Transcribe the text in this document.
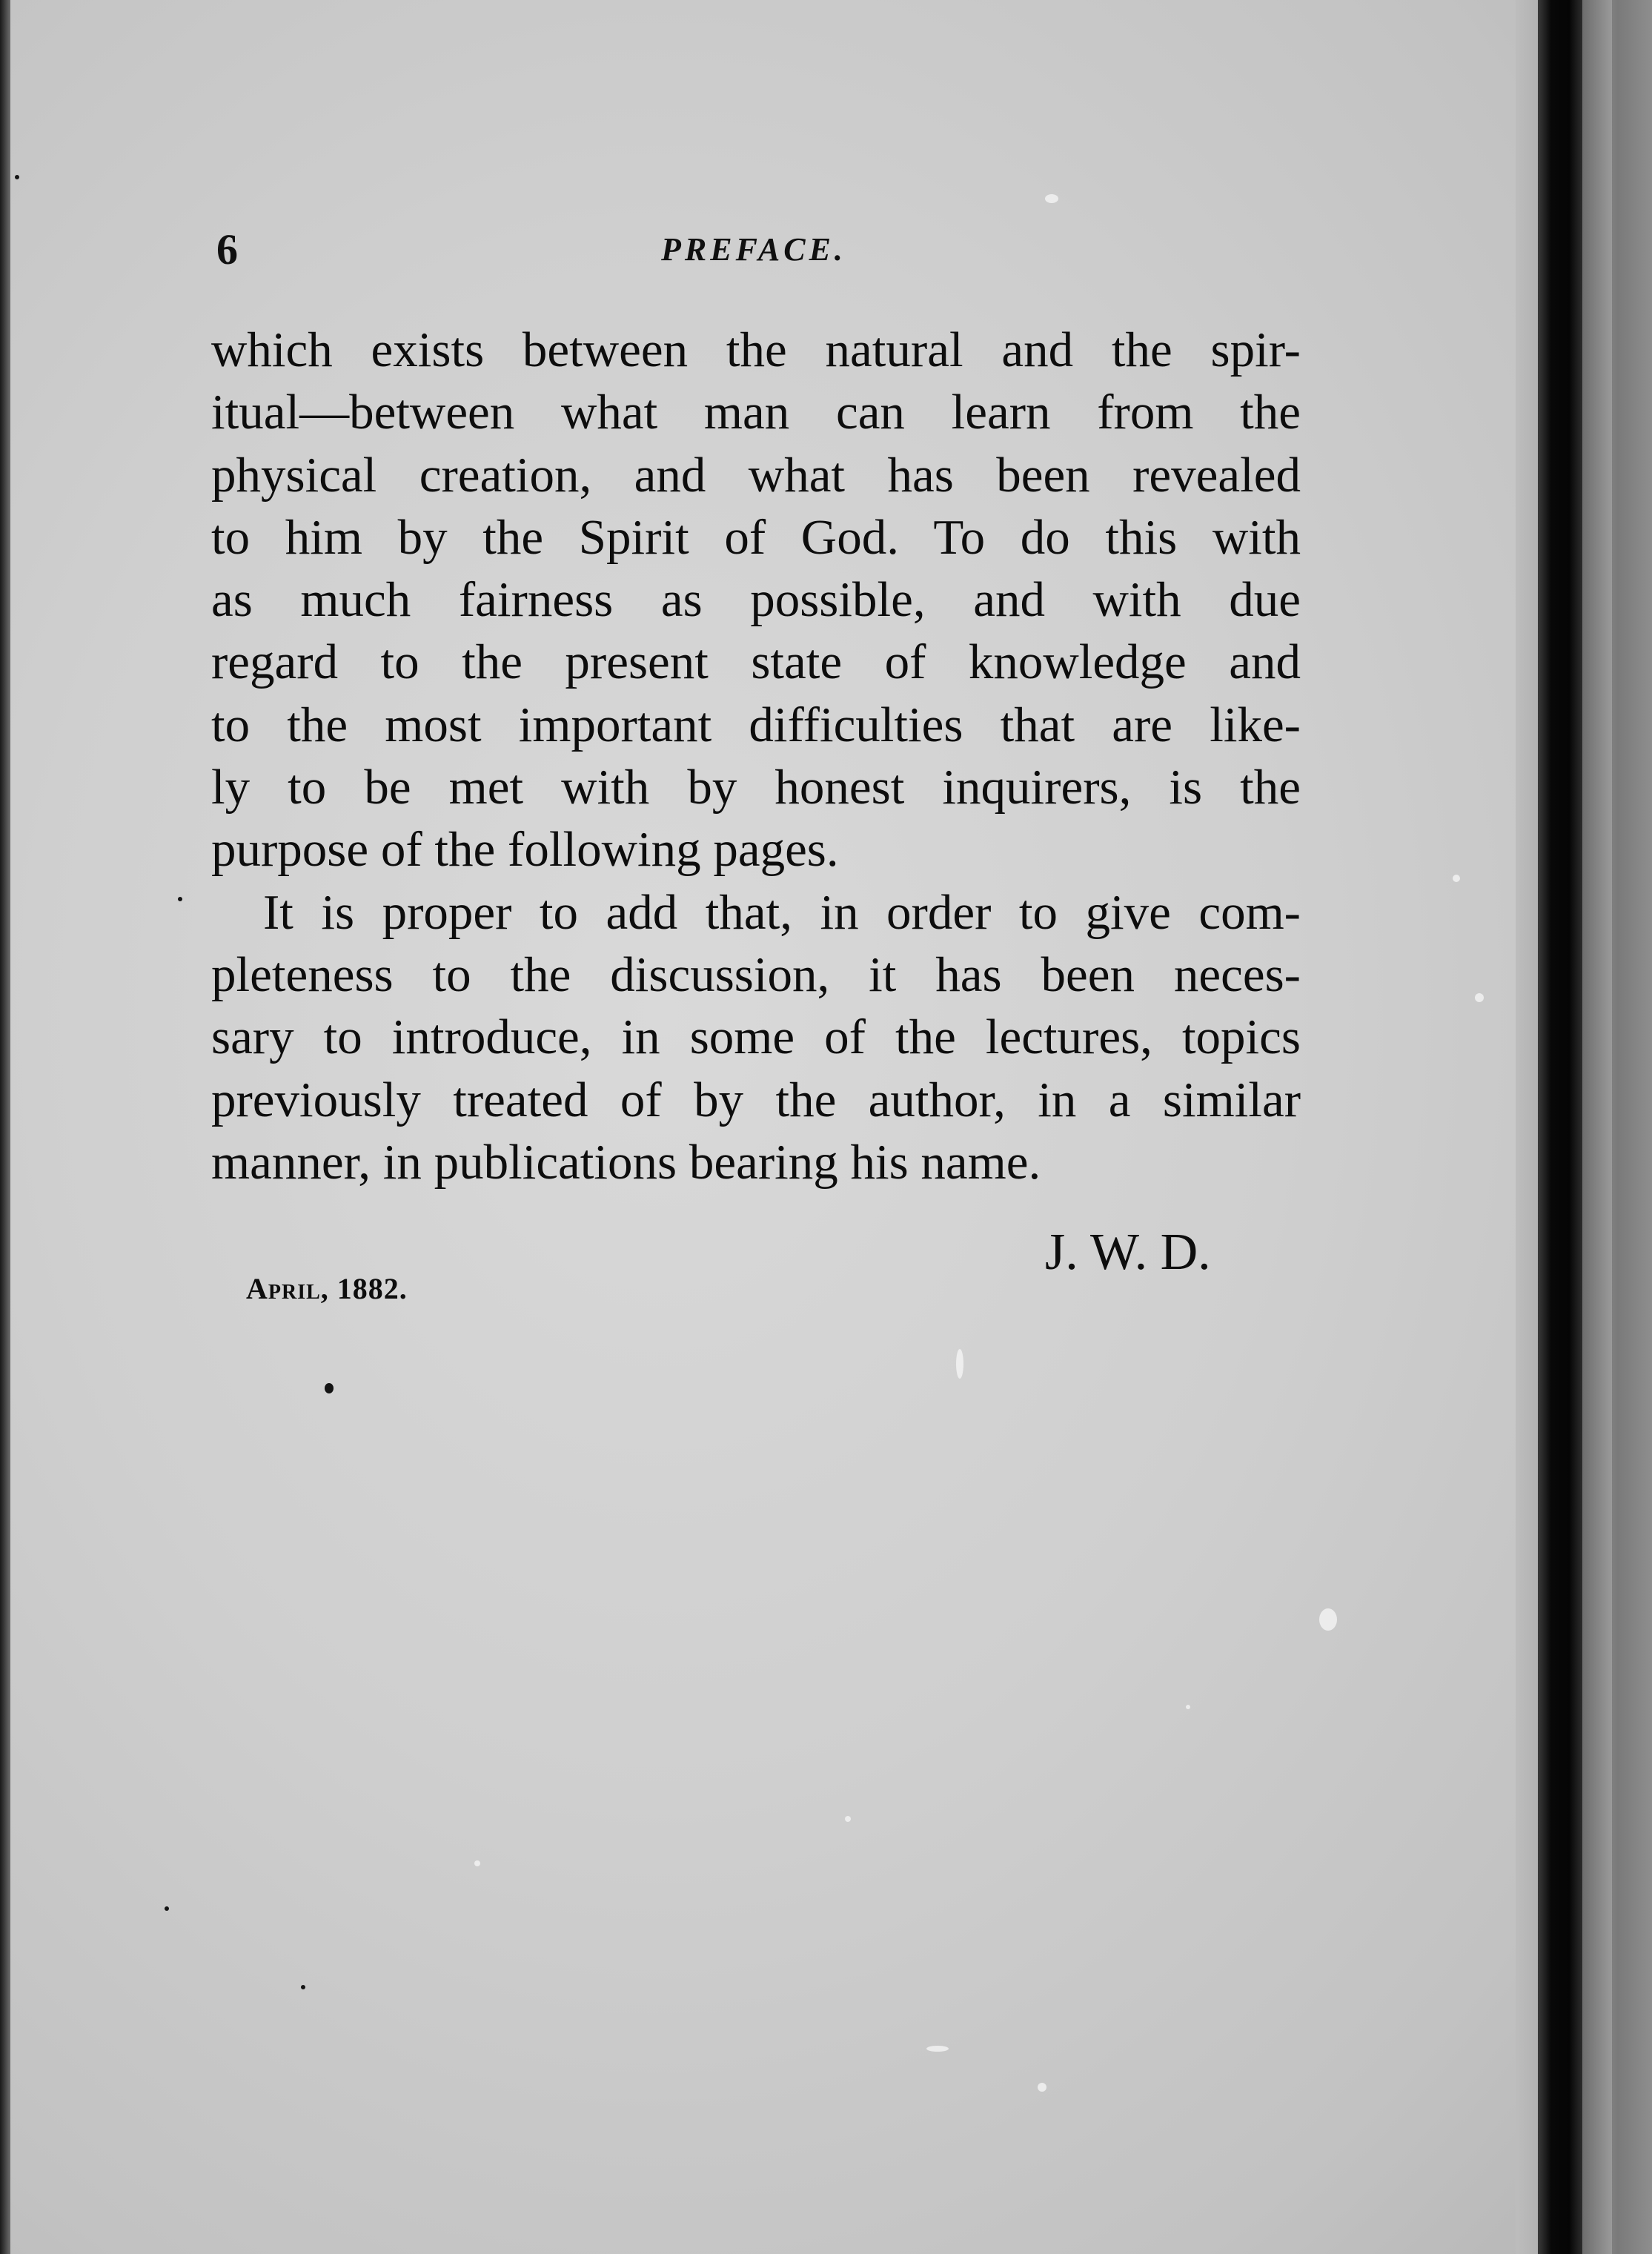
6	PREFACE.
which exists between the natural and the spir-
itual—between what man can learn from the
physical creation, and what has been revealed
to him by the Spirit of God. To do this with
as much fairness as possible, and with due
regard to the present state of knowledge and
to the most important difficulties that are like-
ly to be met with by honest inquirers, is the
purpose of the following pages.
It is proper to add that, in order to give com-
pleteness to the discussion, it has been neces-
sary to introduce, in some of the lectures, topics
previously treated of by the author, in a similar
manner, in publications bearing his name.
J. W. D.
April, 1882.
